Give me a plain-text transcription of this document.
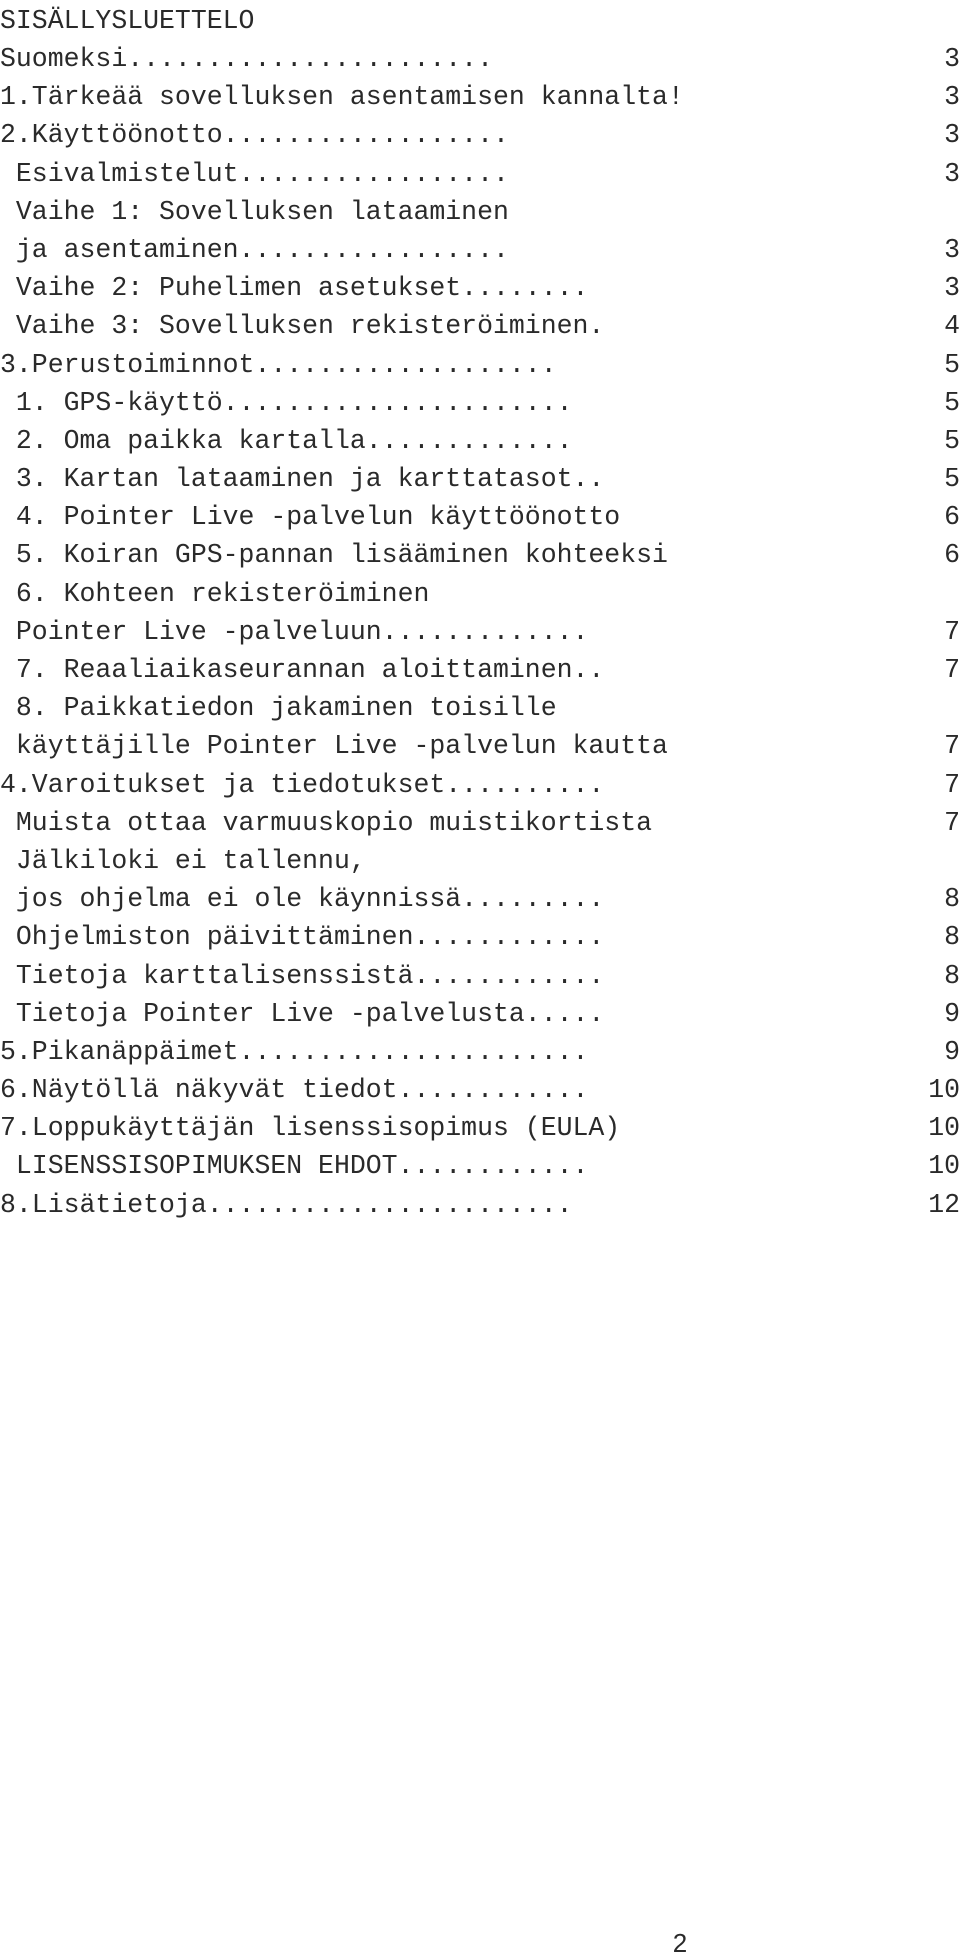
SISÄLLYSLUETTELO
Suomeksi.......................	3
1.Tärkeää sovelluksen asentamisen kannalta!	3
2.Käyttöönotto..................	3
Esivalmistelut.................	3
Vaihe 1: Sovelluksen lataaminen
ja asentaminen.................	3
Vaihe 2: Puhelimen asetukset........	3
Vaihe 3: Sovelluksen rekisteröiminen.	4
3.Perustoiminnot...................	5
1. GPS-käyttö......................	5
2. Oma paikka kartalla.............	5
3. Kartan lataaminen ja karttatasot..	5
4. Pointer Live -palvelun käyttöönotto	6
5. Koiran GPS-pannan lisääminen kohteeksi	6
6. Kohteen rekisteröiminen
Pointer Live -palveluun.............	7
7. Reaaliaikaseurannan aloittaminen..	7
8. Paikkatiedon jakaminen toisille
käyttäjille Pointer Live -palvelun kautta	7
4.Varoitukset ja tiedotukset..........	7
Muista ottaa varmuuskopio muistikortista	7
Jälkiloki ei tallennu,
jos ohjelma ei ole käynnissä.........	8
Ohjelmiston päivittäminen............	8
Tietoja karttalisenssistä............	8
Tietoja Pointer Live -palvelusta.....	9
5.Pikanäppäimet......................	9
6.Näytöllä näkyvät tiedot............	10
7.Loppukäyttäjän lisenssisopimus (EULA)	10
LISENSSISOPIMUKSEN EHDOT............	10
8.Lisätietoja.......................	12
2
